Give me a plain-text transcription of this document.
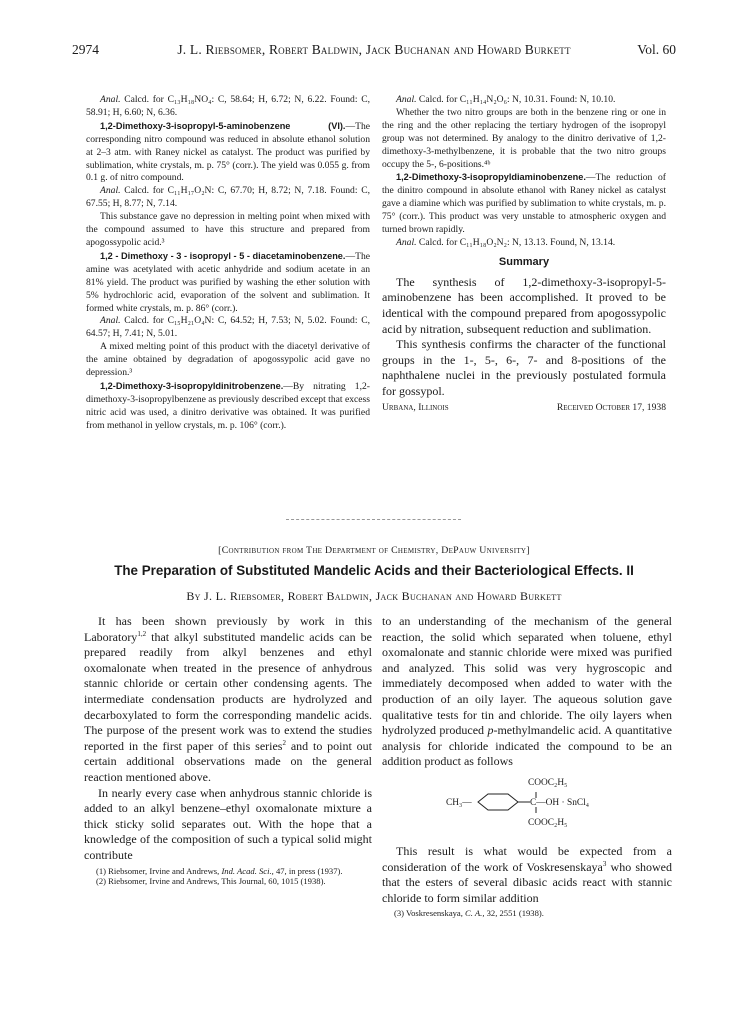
2974	J. L. Riebsomer, Robert Baldwin, Jack Buchanan and Howard Burkett	Vol. 60

Anal. Calcd. for C₁₃H₁₈NO₄: C, 58.64; H, 6.72; N, 6.22. Found: C, 58.91; H, 6.60; N, 6.36.

1,2-Dimethoxy-3-isopropyl-5-aminobenzene (VI).—The corresponding nitro compound was reduced in absolute ethanol solution at 2–3 atm. with Raney nickel as catalyst. The product was purified by sublimation, white crystals, m. p. 75° (corr.). The yield was 0.055 g. from 0.1 g. of nitro compound.

Anal. Calcd. for C₁₁H₁₇O₂N: C, 67.70; H, 8.72; N, 7.18. Found: C, 67.55; H, 8.77; N, 7.14.

This substance gave no depression in melting point when mixed with the compound assumed to have this structure and prepared from apogossypolic acid.³

1,2 - Dimethoxy - 3 - isopropyl - 5 - diacetaminobenzene.—The amine was acetylated with acetic anhydride and sodium acetate in an 81% yield. The product was purified by washing the ether solution with 5% hydrochloric acid, evaporation of the solvent and sublimation. It formed white crystals, m. p. 86° (corr.).

Anal. Calcd. for C₁₅H₂₁O₄N: C, 64.52; H, 7.53; N, 5.02. Found: C, 64.57; H, 7.41; N, 5.01.

A mixed melting point of this product with the diacetyl derivative of the amine obtained by degradation of apogossypolic acid gave no depression.³

1,2-Dimethoxy-3-isopropyldinitrobenzene.—By nitrating 1,2-dimethoxy-3-isopropylbenzene as previously described except that excess nitric acid was used, a dinitro derivative was obtained. It was purified from methanol in yellow crystals, m. p. 106° (corr.).

Anal. Calcd. for C₁₁H₁₄N₂O₆: N, 10.31. Found: N, 10.10.

Whether the two nitro groups are both in the benzene ring or one in the ring and the other replacing the tertiary hydrogen of the isopropyl group was not determined. By analogy to the dinitro derivative of 1,2-dimethoxy-3-methylbenzene, it is probable that the two nitro groups occupy the 5-, 6-positions.⁴ᵇ

1,2-Dimethoxy-3-isopropyldiaminobenzene.—The reduction of the dinitro compound in absolute ethanol with Raney nickel as catalyst gave a diamine which was purified by sublimation to white crystals, m. p. 75° (corr.). This product was very unstable to atmospheric oxygen and turned brown rapidly.

Anal. Calcd. for C₁₁H₁₈O₂N₂: N, 13.13. Found, N, 13.14.

Summary

The synthesis of 1,2-dimethoxy-3-isopropyl-5-aminobenzene has been accomplished. It proved to be identical with the compound prepared from apogossypolic acid by nitration, subsequent reduction and sublimation.

This synthesis confirms the character of the functional groups in the 1-, 5-, 6-, 7- and 8-positions of the naphthalene nuclei in the previously postulated formula for gossypol.

Urbana, Illinois	Received October 17, 1938
[Contribution from The Department of Chemistry, DePauw University]
The Preparation of Substituted Mandelic Acids and their Bacteriological Effects. II
By J. L. Riebsomer, Robert Baldwin, Jack Buchanan and Howard Burkett

It has been shown previously by work in this Laboratory$^{1,2}$ that alkyl substituted mandelic acids can be prepared readily from alkyl benzenes and ethyl oxomalonate when treated in the presence of anhydrous stannic chloride or certain other condensing agents. The intermediate condensation products are hydrolyzed and decarboxylated to form the corresponding mandelic acids. The purpose of the present work was to extend the studies reported in the first paper of this series$^2$ and to point out certain additional observations made on the general reaction mentioned above.

In nearly every case when anhydrous stannic chloride is added to an alkyl benzene–ethyl oxomalonate mixture a thick sticky solid separates out. With the hope that a knowledge of the composition of such a typical solid might contribute

(1) Riebsomer, Irvine and Andrews, Ind. Acad. Sci., 47, in press (1937).
(2) Riebsomer, Irvine and Andrews, This Journal, 60, 1015 (1938).

to an understanding of the mechanism of the general reaction, the solid which separated when toluene, ethyl oxomalonate and stannic chloride were mixed was purified and analyzed. This solid was very hygroscopic and immediately decomposed when added to water with the production of an oily layer. The aqueous solution gave qualitative tests for tin and chloride. The oily layers when hydrolyzed produced p-methylmandelic acid. A quantitative analysis for chloride indicated the compound to be an addition product as follows

COOC₂H₅
CH₃—	C—OH · SnCl₄
COOC₂H₅

This result is what would be expected from a consideration of the work of Voskresenskaya$^3$ who showed that the esters of several dibasic acids react with stannic chloride to form similar addition

(3) Voskresenskaya, C. A., 32, 2551 (1938).
